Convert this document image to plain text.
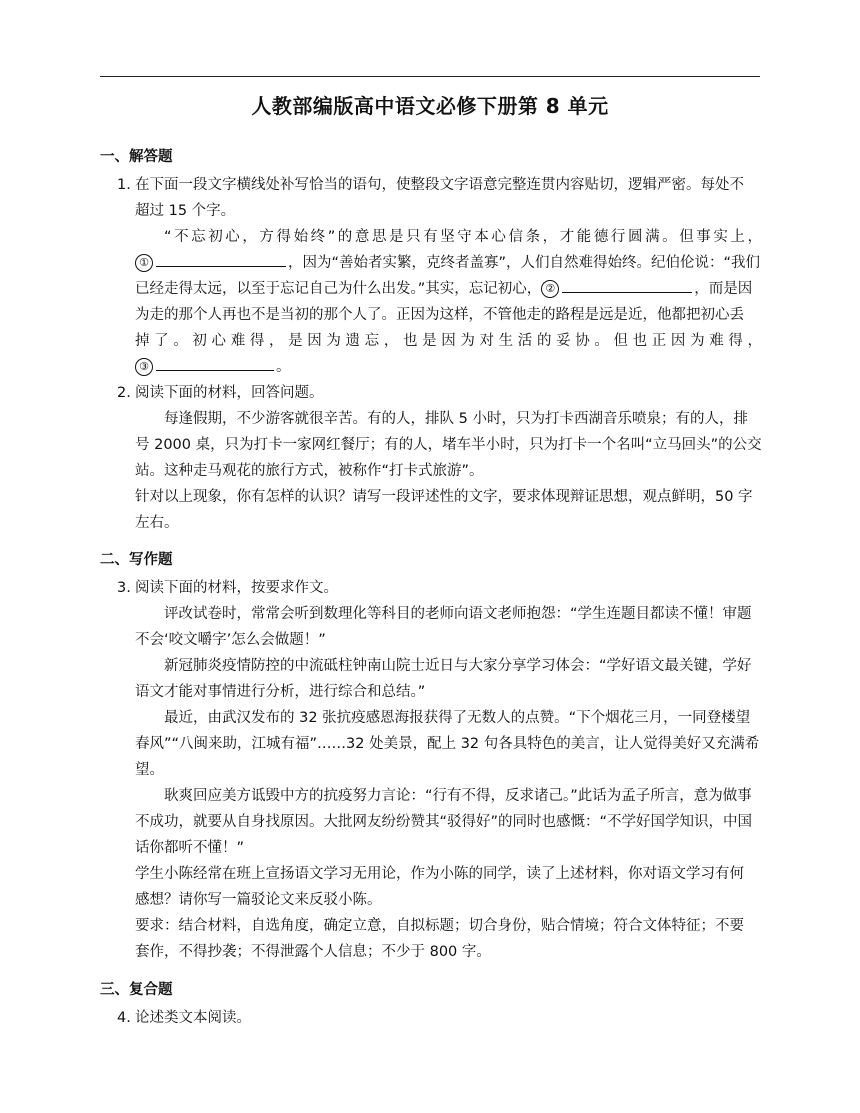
人教部编版高中语文必修下册第 8 单元
一、解答题

1. 在下面一段文字横线处补写恰当的语句，使整段文字语意完整连贯内容贴切，逻辑严密。每处不

超过 15 个字。

“不忘初心，方得始终”的意思是只有坚守本心信条，才能德行圆满。但事实上，

①	，因为“善始者实繁，克终者盖寡”，人们自然难得始终。纪伯伦说：“我们

已经走得太远，以至于忘记自己为什么出发。”其实，忘记初心， ②	，而是因

为走的那个人再也不是当初的那个人了。正因为这样，不管他走的路程是远是近，他都把初心丢

掉了。初心难得，是因为遗忘，也是因为对生活的妥协。但也正因为难得，

③	。

2. 阅读下面的材料，回答问题。

每逢假期，不少游客就很辛苦。有的人，排队 5 小时，只为打卡西湖音乐喷泉；有的人，排

号 2000 桌，只为打卡一家网红餐厅；有的人，堵车半小时，只为打卡一个名叫“立马回头”的公交

站。这种走马观花的旅行方式，被称作“打卡式旅游”。

针对以上现象，你有怎样的认识？请写一段评述性的文字，要求体现辩证思想，观点鲜明，50 字

左右。

二、写作题

3. 阅读下面的材料，按要求作文。

评改试卷时，常常会听到数理化等科目的老师向语文老师抱怨：“学生连题目都读不懂！审题

不会‘咬文嚼字’怎么会做题！”

新冠肺炎疫情防控的中流砥柱钟南山院士近日与大家分享学习体会：“学好语文最关键，学好

语文才能对事情进行分析，进行综合和总结。”

最近，由武汉发布的 32 张抗疫感恩海报获得了无数人的点赞。“下个烟花三月，一同登楼望

春风”“八闽来助，江城有福”……32 处美景，配上 32 句各具特色的美言，让人觉得美好又充满希

望。

耿爽回应美方诋毁中方的抗疫努力言论：“行有不得，反求诸己。”此话为孟子所言，意为做事

不成功，就要从自身找原因。大批网友纷纷赞其“驳得好”的同时也感慨：“不学好国学知识，中国

话你都听不懂！”

学生小陈经常在班上宣扬语文学习无用论，作为小陈的同学，读了上述材料，你对语文学习有何

感想？请你写一篇驳论文来反驳小陈。

要求：结合材料，自选角度，确定立意，自拟标题；切合身份，贴合情境；符合文体特征；不要

套作，不得抄袭；不得泄露个人信息；不少于 800 字。

三、复合题

4. 论述类文本阅读。
